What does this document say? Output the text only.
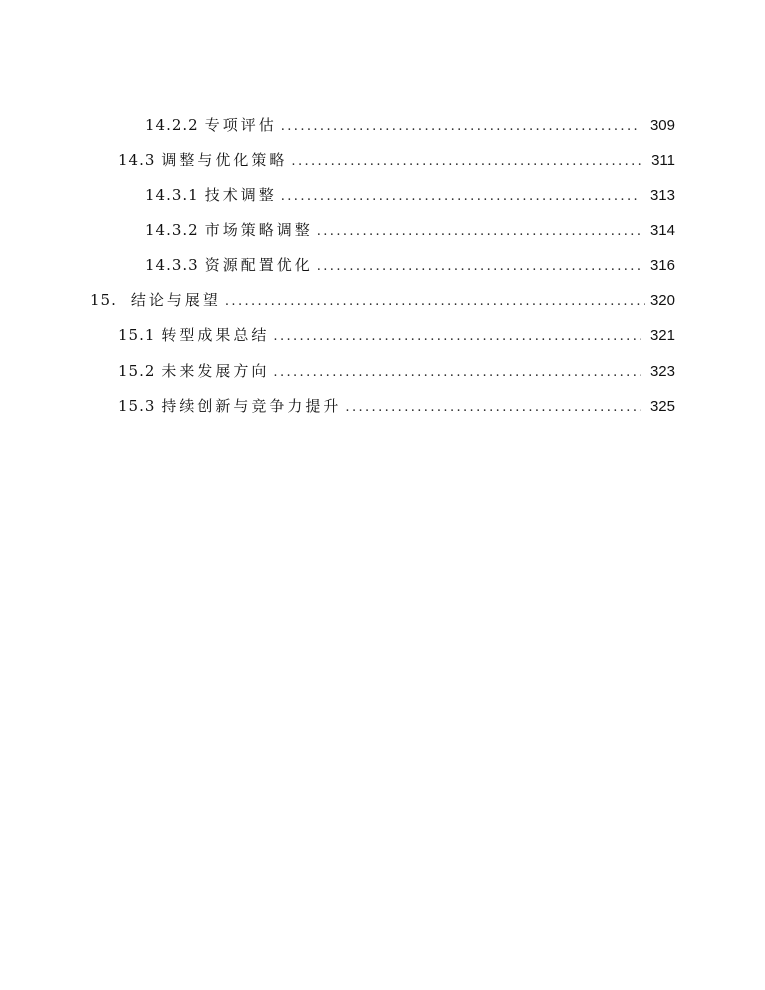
14.2.2 专项评估 .....	309
14.3 调整与优化策略 .....	311
14.3.1 技术调整 .....	313
14.3.2 市场策略调整 .....	314
14.3.3 资源配置优化 .....	316
15. 结论与展望 .....	320
15.1 转型成果总结 .....	321
15.2 未来发展方向 .....	323
15.3 持续创新与竞争力提升 .....	325
